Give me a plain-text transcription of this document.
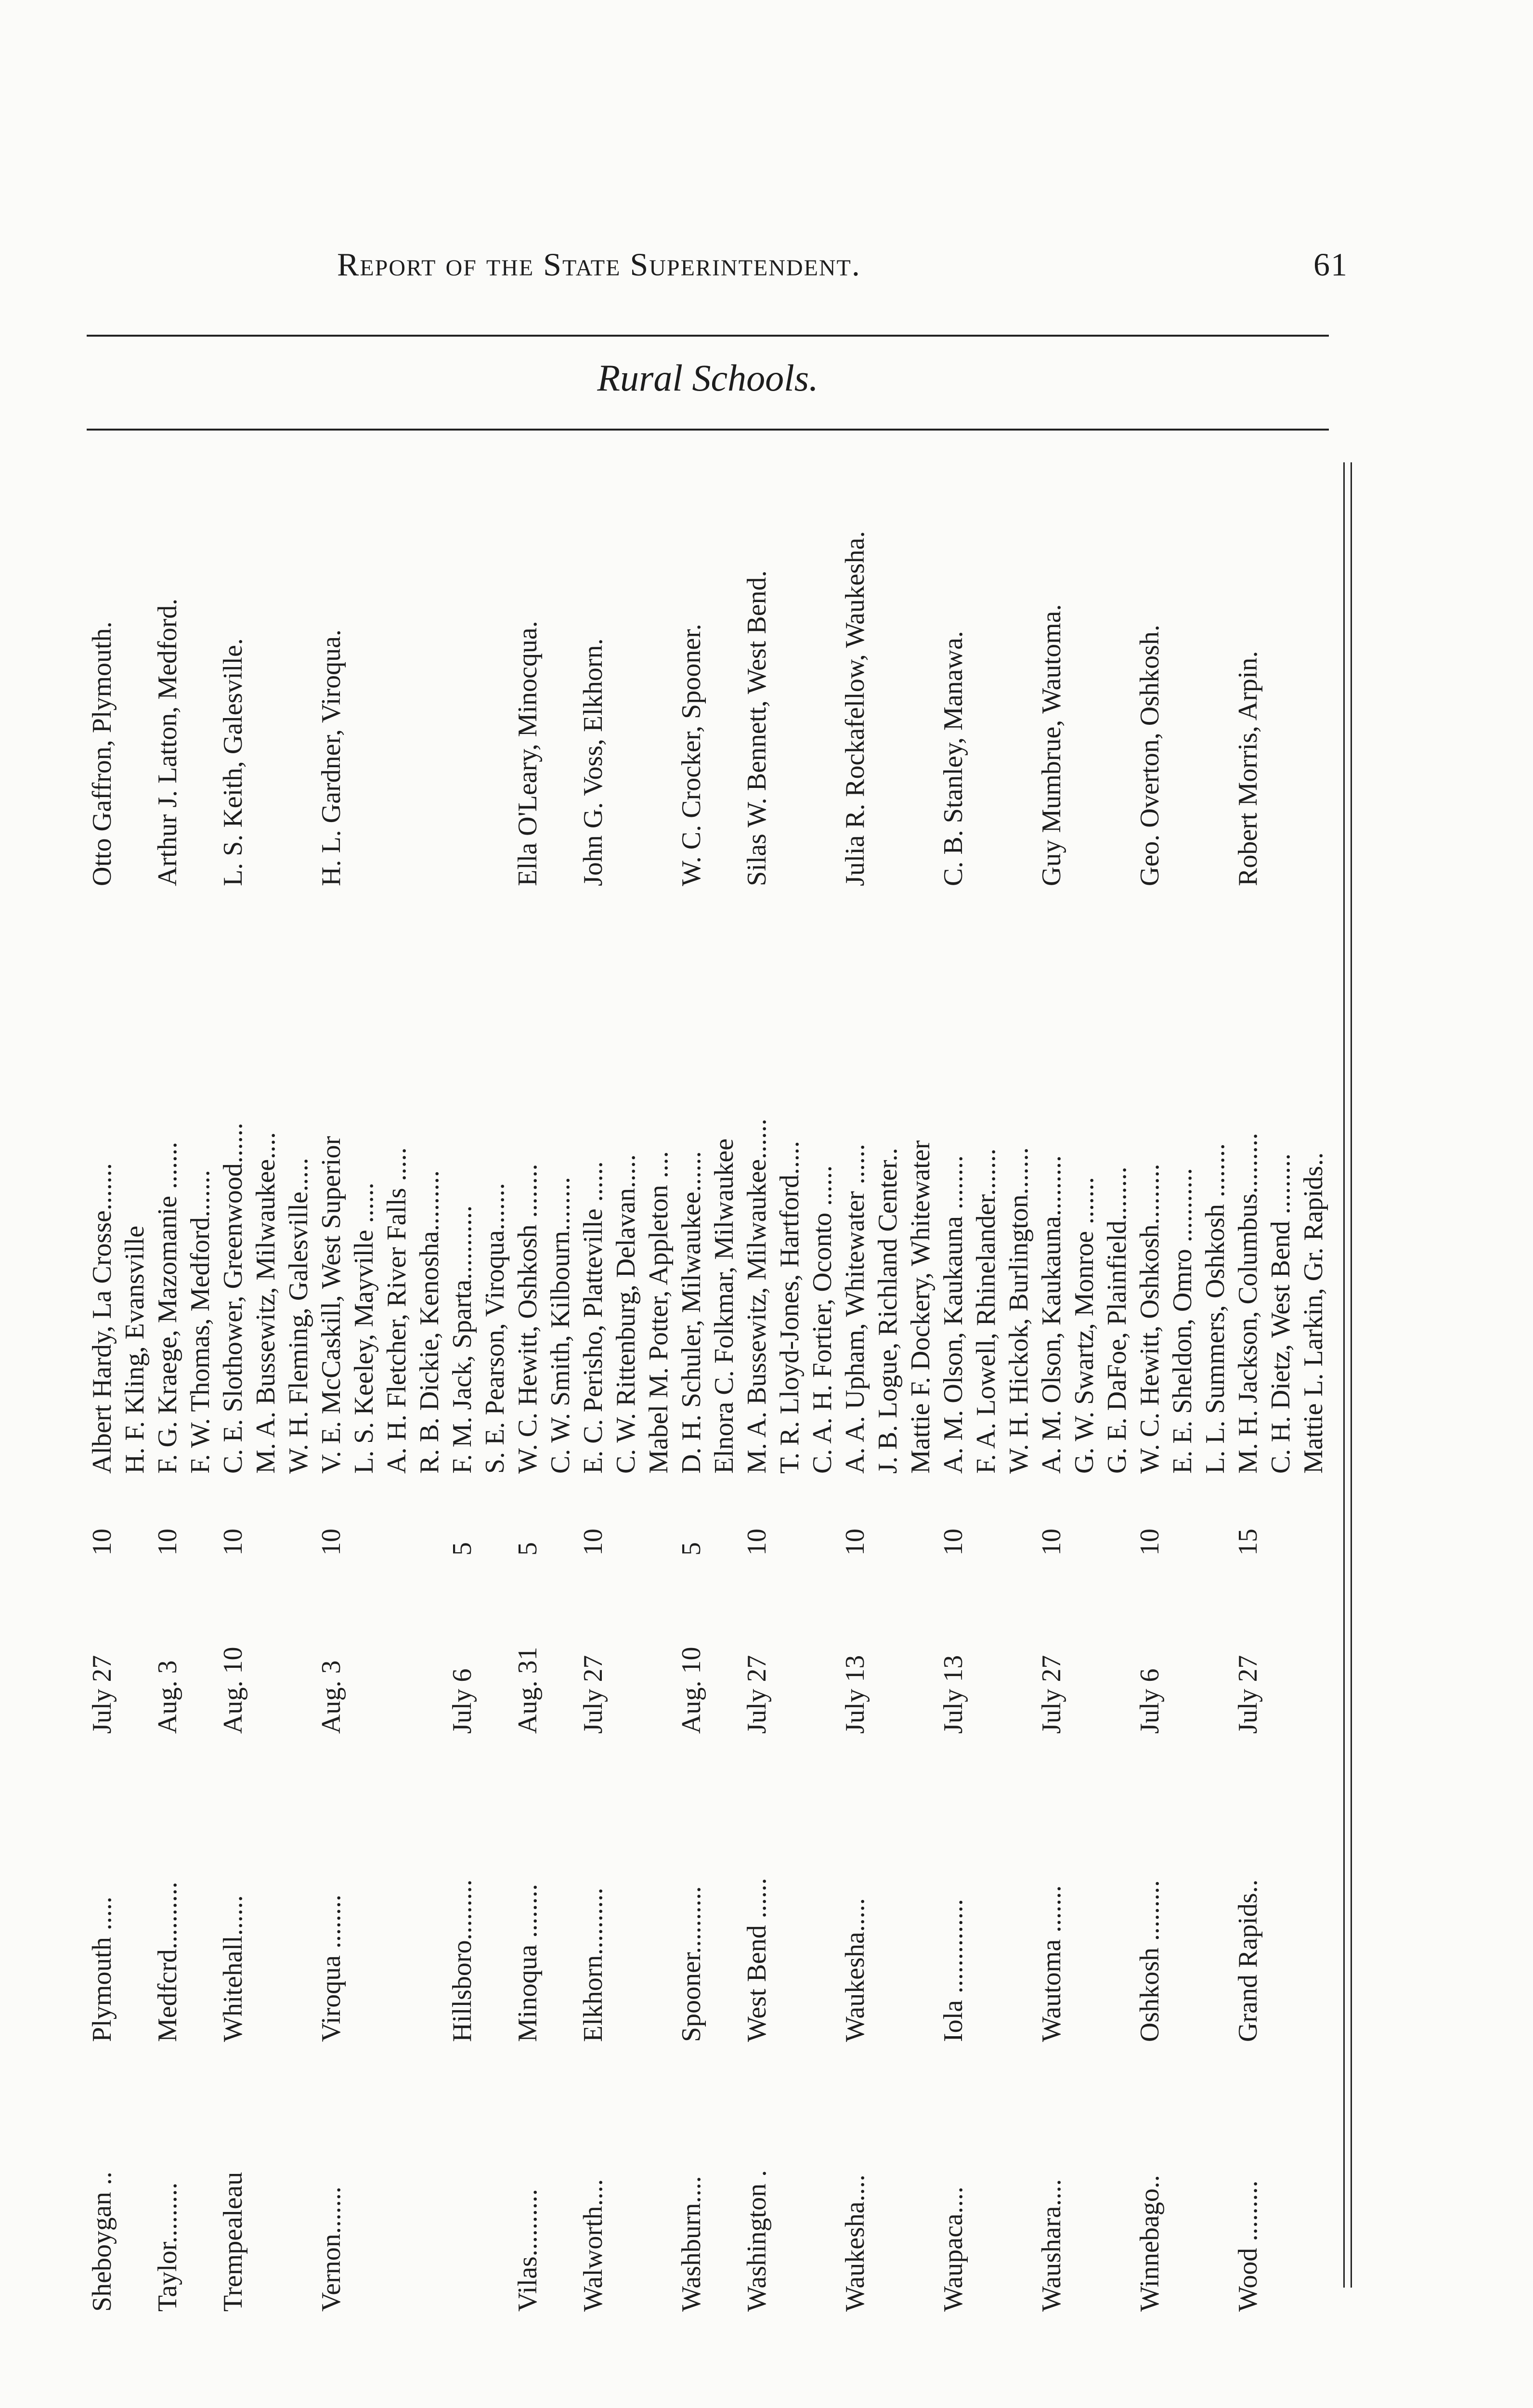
Report of the State Superintendent.	61
Rural Schools.
Sheboygan ..
Plymouth .....
July 27
10
Albert Hardy, La Crosse.......
Otto Gaffron, Plymouth.
H. F. Kling, Evansville
Taylor.........
Medfcrd..........
Aug. 3
10
F. G. Kraege, Mazomanie .......
Arthur J. Latton, Medford.
F. W. Thomas, Medford.......
Trempealeau
Whitehall......
Aug. 10
10
C. E. Slothower, Greenwood......
L. S. Keith, Galesville.
M. A. Bussewitz, Milwaukee.... W. H. Fleming, Galesville.....
Vernon.......
Viroqua ........
Aug. 3
10
V. E. McCaskill, West Superior
H. L. Gardner, Viroqua.
L. S. Keeley, Mayville ...... A. H. Fletcher, River Falls ..... R. B. Dickie, Kenosha.........
Hillsboro.........
July 6
5
F. M. Jack, Sparta........... S. E. Pearson, Viroqua.......
Vilas..........
Minoqua ........
Aug. 31
5
W. C. Hewitt, Oshkosh ........
Ella O'Leary, Minocqua.
C. W. Smith, Kilbourn........
Walworth....
Elkhorn..........
July 27
10
E. C. Perisho, Platteville ......
John G. Voss, Elkhorn.
C. W. Rittenburg, Delavan..... Mabel M. Potter, Appleton ....
Washburn....
Spooner..........
Aug. 10
5
D. H. Schuler, Milwaukee......
W. C. Crocker, Spooner.
Elnora C. Folkmar, Milwaukee
Washington .
West Bend ......
July 27
10
M. A. Bussewitz, Milwaukee......
Silas W. Bennett, West Bend.
T. R. Lloyd-Jones, Hartford..... C. A. H. Fortier, Oconto ......
Waukesha....
Waukesha.....
July 13
10
A. A. Upham, Whitewater ......
Julia R. Rockafellow, Waukesha.
J. B. Logue, Richland Center.. Mattie F. Dockery, Whitewater
Waupaca....
Iola ..............
July 13
10
A. M. Olson, Kaukauna ........
C. B. Stanley, Manawa.
F. A. Lowell, Rhinelander....... W. H. Hickok, Burlington.......
Waushara....
Wautoma .......
July 27
10
A. M. Olson, Kaukauna.........
Guy Mumbrue, Wautoma.
G. W. Swartz, Monroe ....... G. E. DaFoe, Plainfield........
Winnebago..
Oshkosh .........
July 6
10
W. C. Hewitt, Oshkosh.........
Geo. Overton, Oshkosh.
E. E. Sheldon, Omro ........... L. L. Summers, Oshkosh ........
Wood .........
Grand Rapids..
July 27
15
M. H. Jackson, Columbus.........
Robert Morris, Arpin.
C. H. Dietz, West Bend ......... Mattie L. Larkin, Gr. Rapids..
